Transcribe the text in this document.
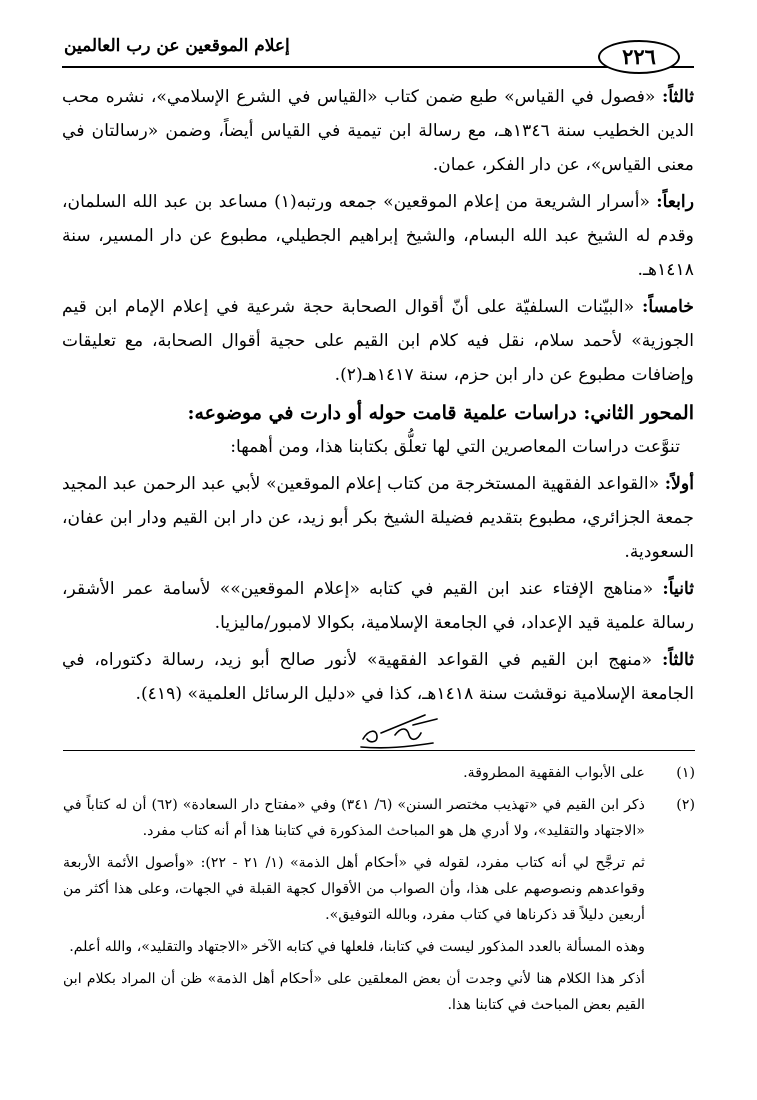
إعلام الموقعين عن رب العالمين	٢٢٦

ثالثاً: «فصول في القياس» طبع ضمن كتاب «القياس في الشرع الإسلامي»، نشره محب الدين الخطيب سنة ١٣٤٦هـ، مع رسالة ابن تيمية في القياس أيضاً، وضمن «رسالتان في معنى القياس»، عن دار الفكر، عمان.

رابعاً: «أسرار الشريعة من إعلام الموقعين» جمعه ورتبه(١) مساعد بن عبد الله السلمان، وقدم له الشيخ عبد الله البسام، والشيخ إبراهيم الجطيلي، مطبوع عن دار المسير، سنة ١٤١٨هـ.

خامساً: «البيّنات السلفيّة على أنّ أقوال الصحابة حجة شرعية في إعلام الإمام ابن قيم الجوزية» لأحمد سلام، نقل فيه كلام ابن القيم على حجية أقوال الصحابة، مع تعليقات وإضافات مطبوع عن دار ابن حزم، سنة ١٤١٧هـ(٢).

المحور الثاني: دراسات علمية قامت حوله أو دارت في موضوعه:

تنوَّعت دراسات المعاصرين التي لها تعلُّق بكتابنا هذا، ومن أهمها:

أولاً: «القواعد الفقهية المستخرجة من كتاب إعلام الموقعين» لأبي عبد الرحمن عبد المجيد جمعة الجزائري، مطبوع بتقديم فضيلة الشيخ بكر أبو زيد، عن دار ابن القيم ودار ابن عفان، السعودية.

ثانياً: «مناهج الإفتاء عند ابن القيم في كتابه «إعلام الموقعين»» لأسامة عمر الأشقر، رسالة علمية قيد الإعداد، في الجامعة الإسلامية، بكوالا لامبور/ماليزيا.

ثالثاً: «منهج ابن القيم في القواعد الفقهية» لأنور صالح أبو زيد، رسالة دكتوراه، في الجامعة الإسلامية نوقشت سنة ١٤١٨هـ، كذا في «دليل الرسائل العلمية» (٤١٩).

(١)

على الأبواب الفقهية المطروقة.

(٢)

ذكر ابن القيم في «تهذيب مختصر السنن» (٦/ ٣٤١) وفي «مفتاح دار السعادة» (٦٢) أن له كتاباً في «الاجتهاد والتقليد»، ولا أدري هل هو المباحث المذكورة في كتابنا هذا أم أنه كتاب مفرد.

ثم ترجَّح لي أنه كتاب مفرد، لقوله في «أحكام أهل الذمة» (١/ ٢١ - ٢٢): «وأصول الأئمة الأربعة وقواعدهم ونصوصهم على هذا، وأن الصواب من الأقوال كجهة القبلة في الجهات، وعلى هذا أكثر من أربعين دليلاً قد ذكرناها في كتاب مفرد، وبالله التوفيق».

وهذه المسألة بالعدد المذكور ليست في كتابنا، فلعلها في كتابه الآخر «الاجتهاد والتقليد»، والله أعلم.

أذكر هذا الكلام هنا لأني وجدت أن بعض المعلقين على «أحكام أهل الذمة» ظن أن المراد بكلام ابن القيم بعض المباحث في كتابنا هذا.
